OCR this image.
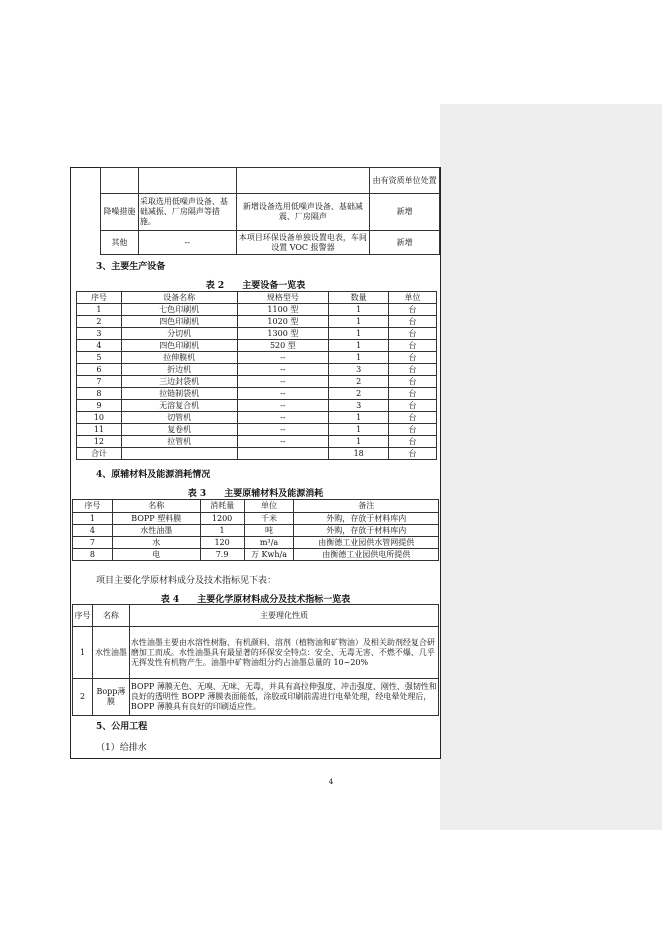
			由有资质单位处置
降噪措施	采取选用低噪声设备、基础减振、厂房隔声等措施。	新增设备选用低噪声设备、基础减震、厂房隔声	新增
其他	--	本项目环保设备单独设置电表，车间设置 VOC 报警器	新增
3、主要生产设备
表 2　　主要设备一览表
序号	设备名称	规格型号	数量	单位
1	七色印刷机	1100 型	1	台
2	四色印刷机	1020 型	1	台
3	分切机	1300 型	1	台
4	四色印刷机	520 型	1	台
5	拉伸膜机	--	1	台
6	折边机	--	3	台
7	三边封袋机	--	2	台
8	拉链制袋机	--	2	台
9	无溶复合机	--	3	台
10	切管机	--	1	台
11	复卷机	--	1	台
12	拉管机	--	1	台
合计			18	台
4、原辅材料及能源消耗情况
表 3　　主要原辅材料及能源消耗
序号	名称	消耗量	单位	备注
1	BOPP 塑料膜	1200	千米	外购，存放于材料库内
4	水性油墨	1	吨	外购，存放于材料库内
7	水	120	m³/a	由衡德工业园供水管网提供
8	电	7.9	万 Kwh/a	由衡德工业园供电所提供
项目主要化学原材料成分及技术指标见下表：
表 4　　主要化学原材料成分及技术指标一览表
序号	名称	主要理化性质
1	水性油墨	水性油墨主要由水溶性树脂、有机颜料、溶剂（植物油和矿物油）及相关助剂经复合研磨加工而成。水性油墨具有最显著的环保安全特点：安全、无毒无害、不燃不爆、几乎无挥发性有机物产生。油墨中矿物油组分约占油墨总量的 10~20%
2	Bopp薄膜	BOPP 薄膜无色、无嗅、无味、无毒，并具有高拉伸强度、冲击强度、刚性、强韧性和良好的透明性 BOPP 薄膜表面能低，涂胶或印刷前需进行电晕处理，经电晕处理后，BOPP 薄膜具有良好的印刷适应性。
5、公用工程
（1）给排水
4
